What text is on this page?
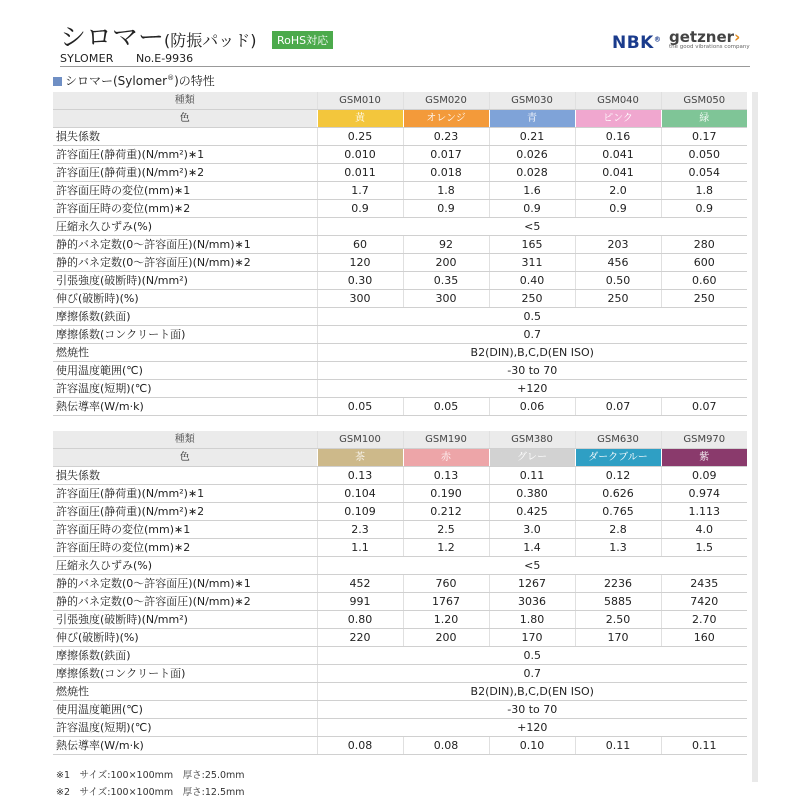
シロマー(防振パッド)	RoHS対応
SYLOMER No.E-9936
NBK® getzner›
the good vibrations company
シロマー(Sylomer®)の特性
種類	GSM010	GSM020	GSM030	GSM040	GSM050
色	黄	オレンジ	青	ピンク	緑
損失係数	0.25	0.23	0.21	0.16	0.17
許容面圧(静荷重)(N/mm²)∗1	0.010	0.017	0.026	0.041	0.050
許容面圧(静荷重)(N/mm²)∗2	0.011	0.018	0.028	0.041	0.054
許容面圧時の変位(mm)∗1	1.7	1.8	1.6	2.0	1.8
許容面圧時の変位(mm)∗2	0.9	0.9	0.9	0.9	0.9
圧縮永久ひずみ(%)	<5				
静的バネ定数(0〜許容面圧)(N/mm)∗1	60	92	165	203	280
静的バネ定数(0〜許容面圧)(N/mm)∗2	120	200	311	456	600
引張強度(破断時)(N/mm²)	0.30	0.35	0.40	0.50	0.60
伸び(破断時)(%)	300	300	250	250	250
摩擦係数(鉄面)	0.5				
摩擦係数(コンクリート面)	0.7				
燃焼性	B2(DIN),B,C,D(EN ISO)				
使用温度範囲(℃)	-30 to 70				
許容温度(短期)(℃)	+120				
熱伝導率(W/m·k)	0.05	0.05	0.06	0.07	0.07
種類	GSM100	GSM190	GSM380	GSM630	GSM970
色	茶	赤	グレー	ダークブルー	紫
損失係数	0.13	0.13	0.11	0.12	0.09
許容面圧(静荷重)(N/mm²)∗1	0.104	0.190	0.380	0.626	0.974
許容面圧(静荷重)(N/mm²)∗2	0.109	0.212	0.425	0.765	1.113
許容面圧時の変位(mm)∗1	2.3	2.5	3.0	2.8	4.0
許容面圧時の変位(mm)∗2	1.1	1.2	1.4	1.3	1.5
圧縮永久ひずみ(%)	<5				
静的バネ定数(0〜許容面圧)(N/mm)∗1	452	760	1267	2236	2435
静的バネ定数(0〜許容面圧)(N/mm)∗2	991	1767	3036	5885	7420
引張強度(破断時)(N/mm²)	0.80	1.20	1.80	2.50	2.70
伸び(破断時)(%)	220	200	170	170	160
摩擦係数(鉄面)	0.5				
摩擦係数(コンクリート面)	0.7				
燃焼性	B2(DIN),B,C,D(EN ISO)				
使用温度範囲(℃)	-30 to 70				
許容温度(短期)(℃)	+120				
熱伝導率(W/m·k)	0.08	0.08	0.10	0.11	0.11
※1　サイズ:100×100mm　厚さ:25.0mm
※2　サイズ:100×100mm　厚さ:12.5mm
